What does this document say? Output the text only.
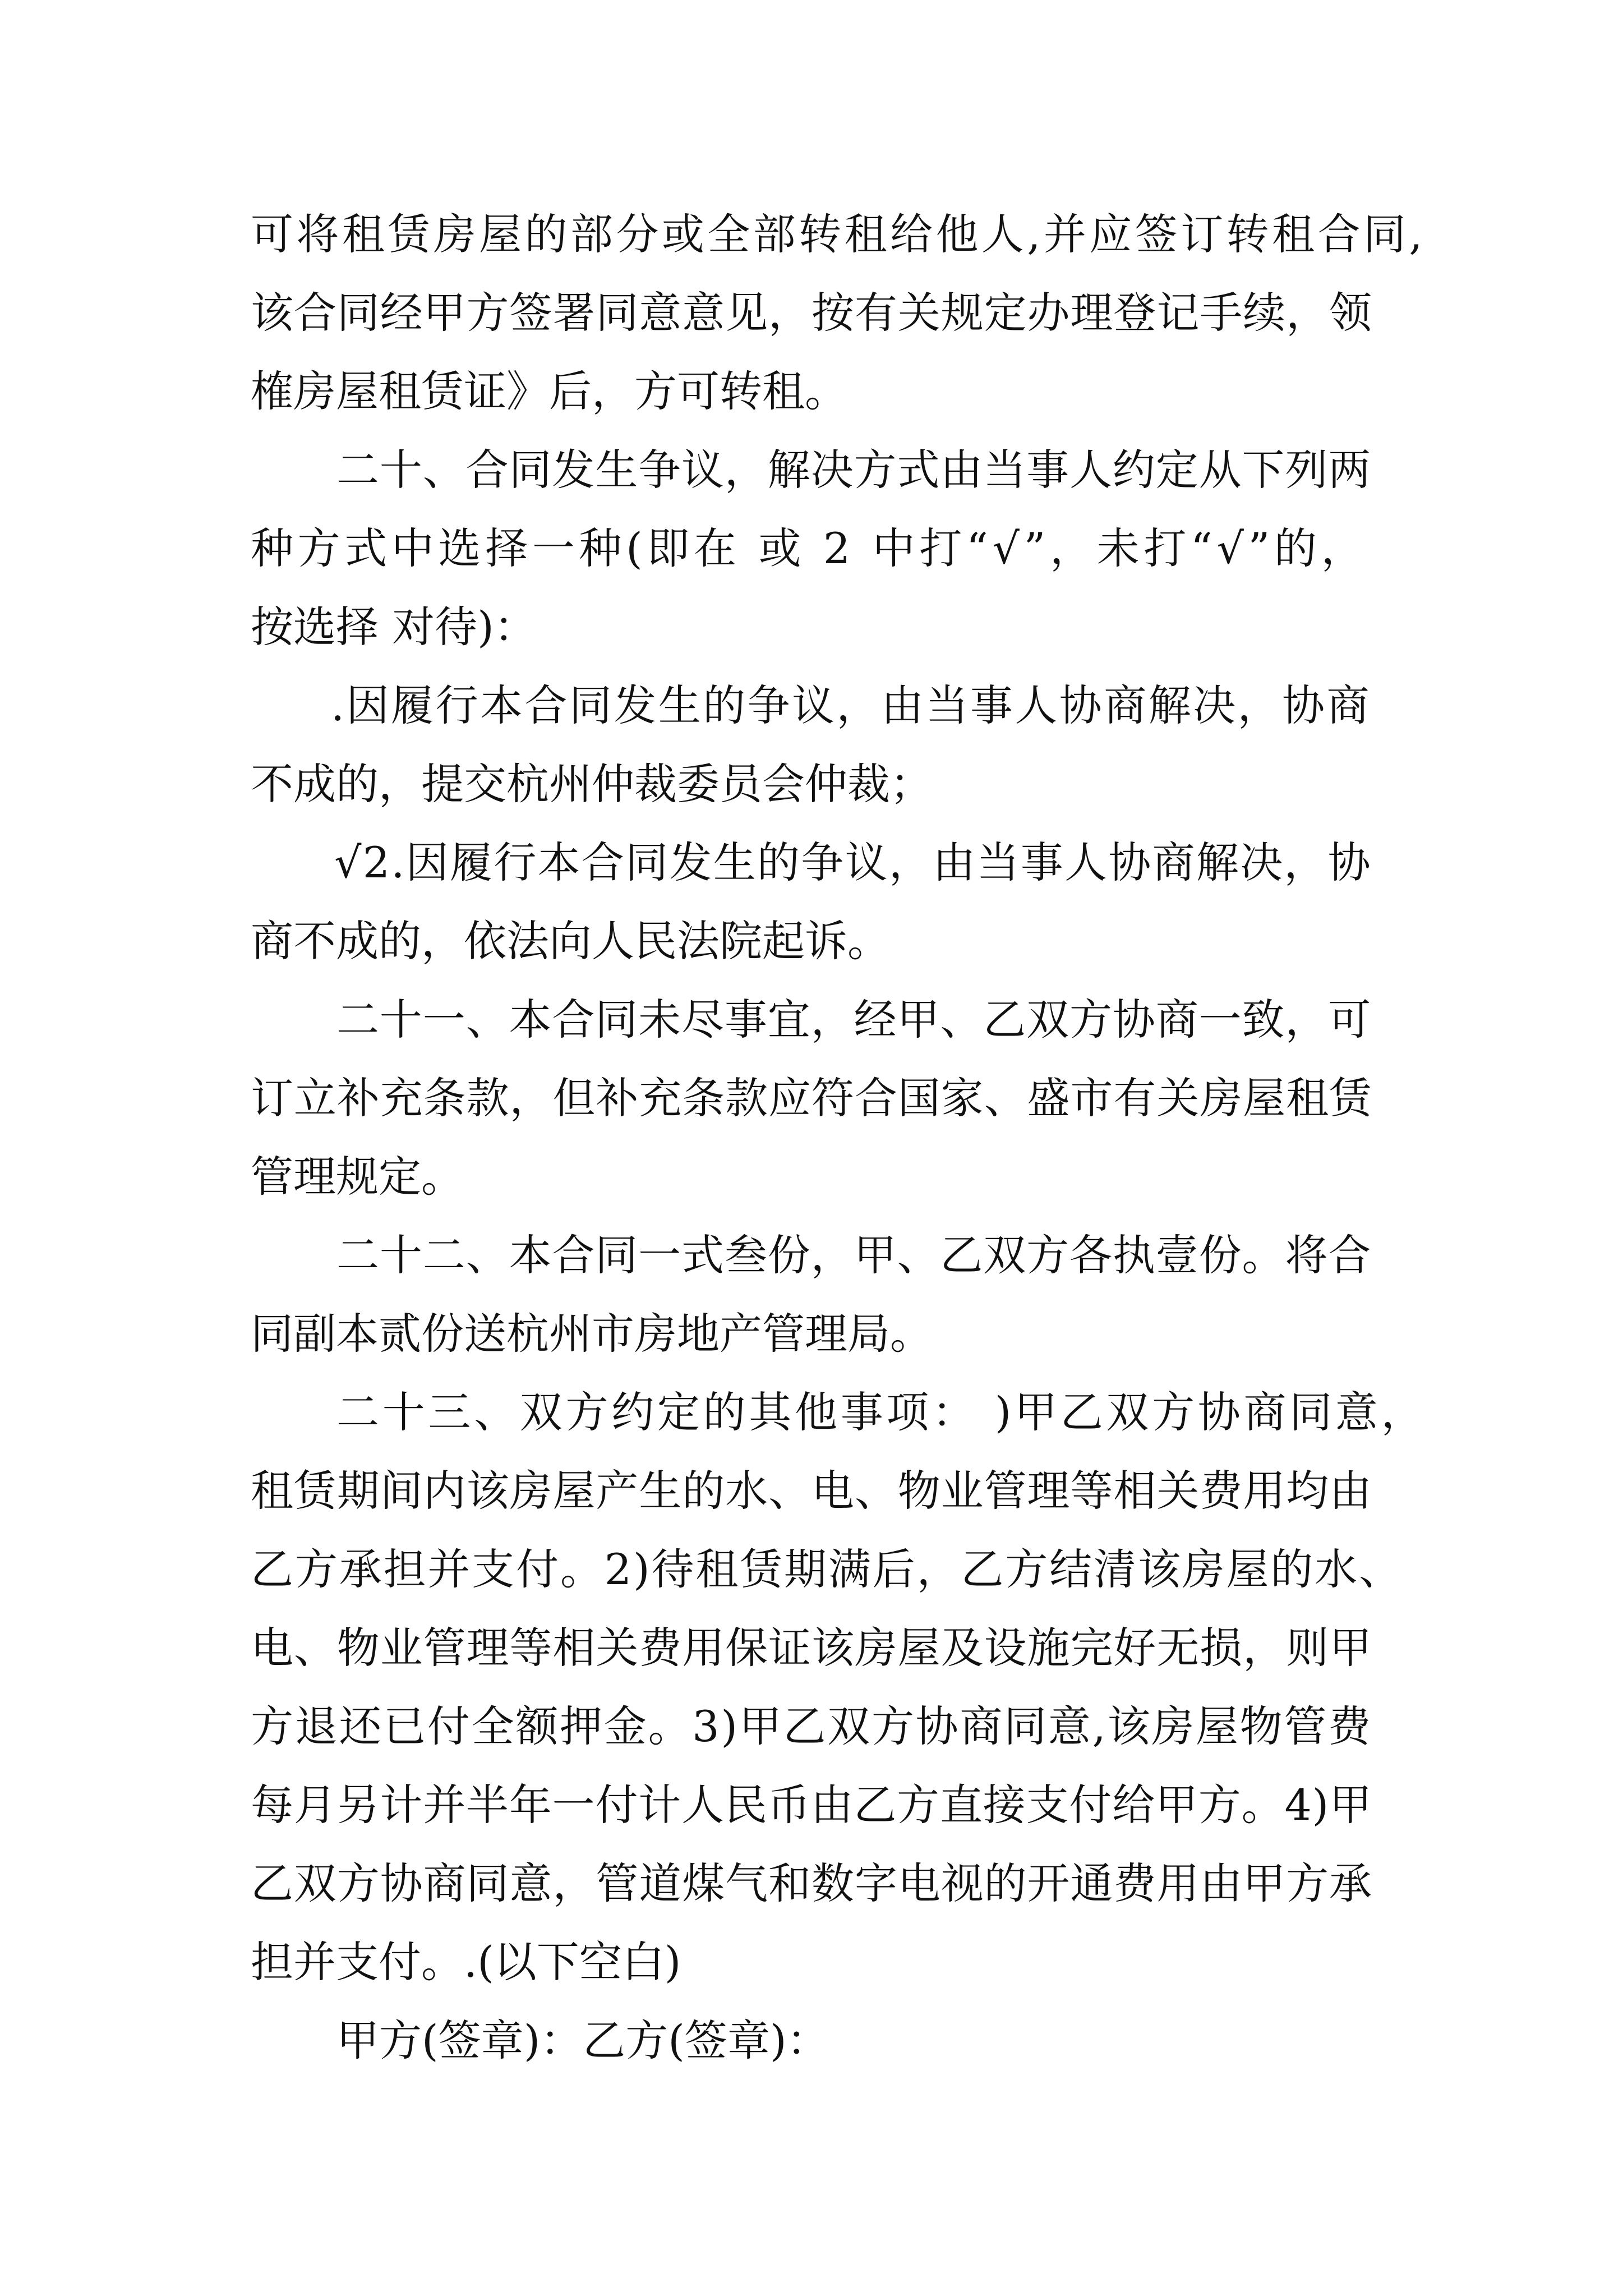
可将租赁房屋的部分或全部转租给他人,并应签订转租合同,
该合同经甲方签署同意意见，按有关规定办理登记手续，领
榷房屋租赁证》后，方可转租。
二十、合同发生争议，解决方式由当事人约定从下列两
种方式中选择一种(即在 或 2 中打“√”，未打“√”的，
按选择 对待)：
.因履行本合同发生的争议，由当事人协商解决，协商
不成的，提交杭州仲裁委员会仲裁；
√2.因履行本合同发生的争议，由当事人协商解决，协
商不成的，依法向人民法院起诉。
二十一、本合同未尽事宜，经甲、乙双方协商一致，可
订立补充条款，但补充条款应符合国家、盛市有关房屋租赁
管理规定。
二十二、本合同一式叁份，甲、乙双方各执壹份。将合
同副本贰份送杭州市房地产管理局。
二十三、双方约定的其他事项： )甲乙双方协商同意，
租赁期间内该房屋产生的水、电、物业管理等相关费用均由
乙方承担并支付。2)待租赁期满后，乙方结清该房屋的水、
电、物业管理等相关费用保证该房屋及设施完好无损，则甲
方退还已付全额押金。3)甲乙双方协商同意,该房屋物管费
每月另计并半年一付计人民币由乙方直接支付给甲方。4)甲
乙双方协商同意，管道煤气和数字电视的开通费用由甲方承
担并支付。.(以下空白)
甲方(签章)：乙方(签章)：
